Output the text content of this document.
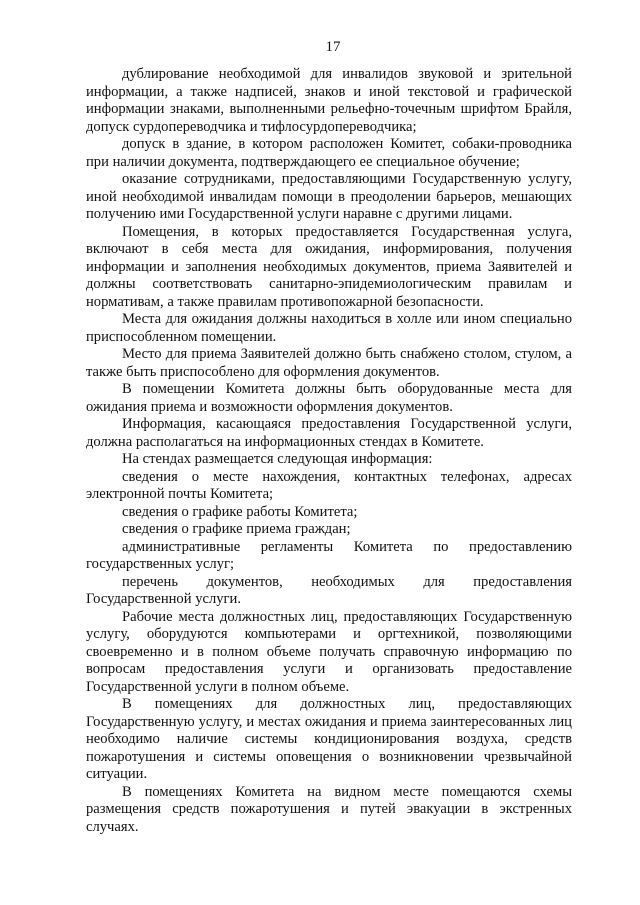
17

дублирование необходимой для инвалидов звуковой и зрительной информации, а также надписей, знаков и иной текстовой и графической информации знаками, выполненными рельефно-точечным шрифтом Брайля, допуск сурдопереводчика и тифлосурдопереводчика;

допуск в здание, в котором расположен Комитет, собаки-проводника при наличии документа, подтверждающего ее специальное обучение;

оказание сотрудниками, предоставляющими Государственную услугу, иной необходимой инвалидам помощи в преодолении барьеров, мешающих получению ими Государственной услуги наравне с другими лицами.

Помещения, в которых предоставляется Государственная услуга, включают в себя места для ожидания, информирования, получения информации и заполнения необходимых документов, приема Заявителей и должны соответствовать санитарно-эпидемиологическим правилам и нормативам, а также правилам противопожарной безопасности.

Места для ожидания должны находиться в холле или ином специально приспособленном помещении.

Место для приема Заявителей должно быть снабжено столом, стулом, а также быть приспособлено для оформления документов.

В помещении Комитета должны быть оборудованные места для ожидания приема и возможности оформления документов.

Информация, касающаяся предоставления Государственной услуги, должна располагаться на информационных стендах в Комитете.

На стендах размещается следующая информация:

сведения о месте нахождения, контактных телефонах, адресах электронной почты Комитета;

сведения о графике работы Комитета;

сведения о графике приема граждан;

административные регламенты Комитета по предоставлению государственных услуг;

перечень документов, необходимых для предоставления Государственной услуги.

Рабочие места должностных лиц, предоставляющих Государственную услугу, оборудуются компьютерами и оргтехникой, позволяющими своевременно и в полном объеме получать справочную информацию по вопросам предоставления услуги и организовать предоставление Государственной услуги в полном объеме.

В помещениях для должностных лиц, предоставляющих Государственную услугу, и местах ожидания и приема заинтересованных лиц необходимо наличие системы кондиционирования воздуха, средств пожаротушения и системы оповещения о возникновении чрезвычайной ситуации.

В помещениях Комитета на видном месте помещаются схемы размещения средств пожаротушения и путей эвакуации в экстренных случаях.
